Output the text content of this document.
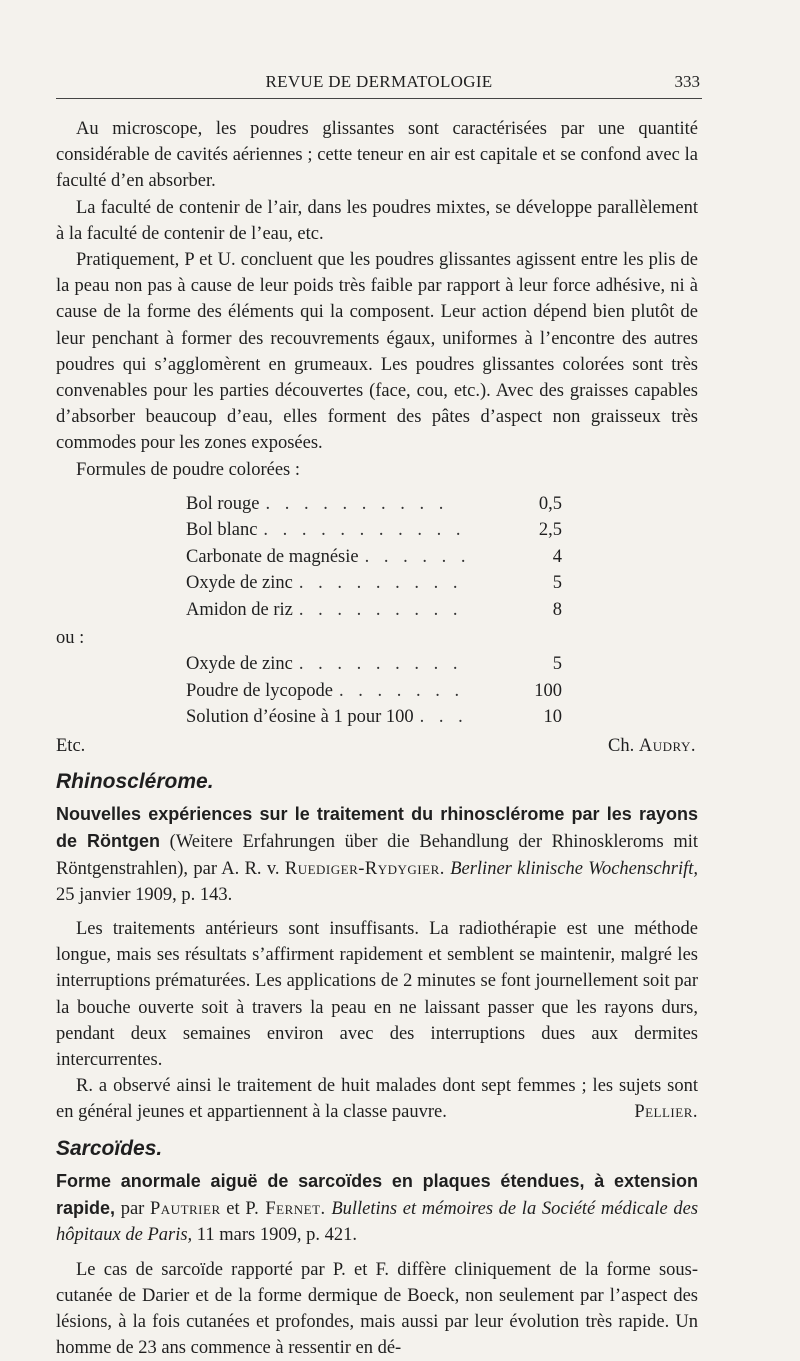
REVUE DE DERMATOLOGIE	333

Au microscope, les poudres glissantes sont caractérisées par une quantité considérable de cavités aériennes ; cette teneur en air est capitale et se confond avec la faculté d’en absorber.

La faculté de contenir de l’air, dans les poudres mixtes, se développe parallèlement à la faculté de contenir de l’eau, etc.

Pratiquement, P et U. concluent que les poudres glissantes agissent entre les plis de la peau non pas à cause de leur poids très faible par rapport à leur force adhésive, ni à cause de la forme des éléments qui la composent. Leur action dépend bien plutôt de leur penchant à former des recouvrements égaux, uniformes à l’encontre des autres poudres qui s’agglomèrent en grumeaux. Les poudres glissantes colorées sont très convenables pour les parties découvertes (face, cou, etc.). Avec des graisses capables d’absorber beaucoup d’eau, elles forment des pâtes d’aspect non graisseux très commodes pour les zones exposées.

Formules de poudre colorées :

Bol rouge . . . . . . . . . .	0,5
Bol blanc . . . . . . . . . . .	2,5
Carbonate de magnésie . . . . . .	4
Oxyde de zinc . . . . . . . . .	5
Amidon de riz . . . . . . . . .	8
ou :
Oxyde de zinc . . . . . . . . .	5
Poudre de lycopode . . . . . . .	100
Solution d’éosine à 1 pour 100 . . .	10
Etc.	Ch. Audry.
Rhinosclérome.

Nouvelles expériences sur le traitement du rhinosclérome par les rayons de Röntgen (Weitere Erfahrungen über die Behandlung der Rhinoskleroms mit Röntgenstrahlen), par A. R. v. Ruediger-Rydygier. Berliner klinische Wochenschrift, 25 janvier 1909, p. 143.

Les traitements antérieurs sont insuffisants. La radiothérapie est une méthode longue, mais ses résultats s’affirment rapidement et semblent se maintenir, malgré les interruptions prématurées. Les applications de 2 minutes se font journellement soit par la bouche ouverte soit à travers la peau en ne laissant passer que les rayons durs, pendant deux semaines environ avec des interruptions dues aux dermites intercurrentes.

R. a observé ainsi le traitement de huit malades dont sept femmes ; les sujets sont en général jeunes et appartiennent à la classe pauvre.	Pellier.

Sarcoïdes.

Forme anormale aiguë de sarcoïdes en plaques étendues, à extension rapide, par Pautrier et P. Fernet. Bulletins et mémoires de la Société médicale des hôpitaux de Paris, 11 mars 1909, p. 421.

Le cas de sarcoïde rapporté par P. et F. diffère cliniquement de la forme sous-cutanée de Darier et de la forme dermique de Boeck, non seulement par l’aspect des lésions, à la fois cutanées et profondes, mais aussi par leur évolution très rapide. Un homme de 23 ans commence à ressentir en dé-
